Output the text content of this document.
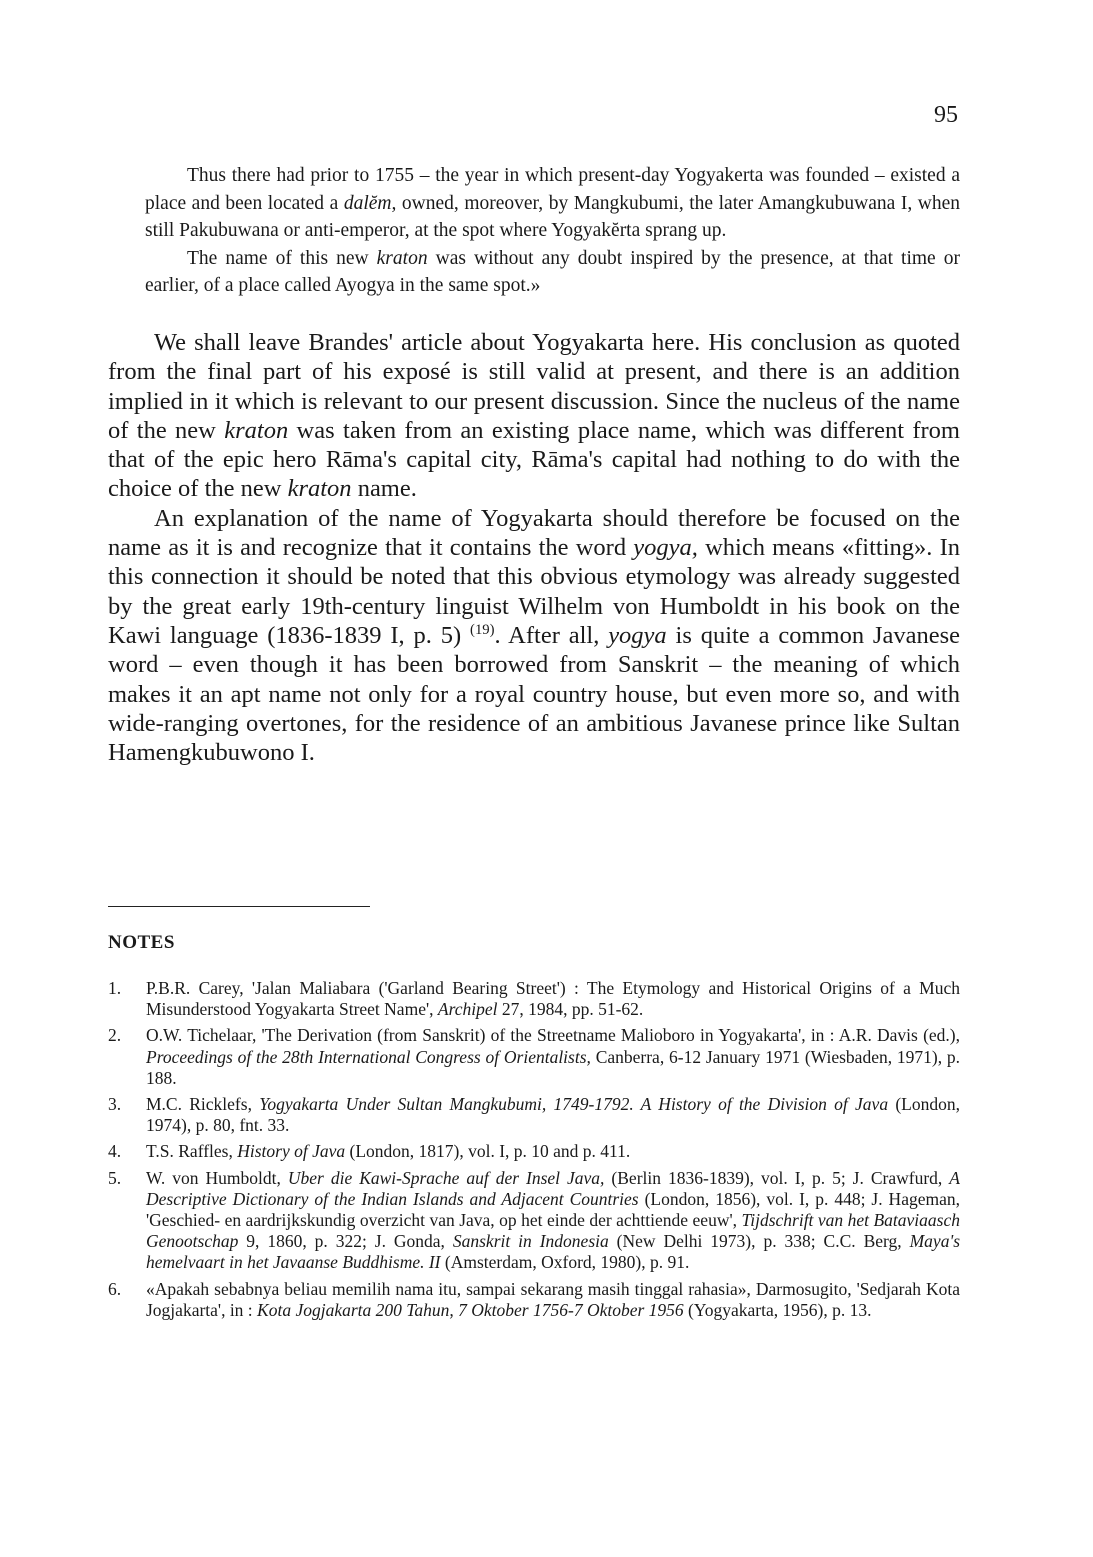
95

Thus there had prior to 1755 – the year in which present-day Yogyakerta was founded – existed a place and been located a dalĕm, owned, moreover, by Mangkubumi, the later Amangkubuwana I, when still Pakubuwana or anti-emperor, at the spot where Yogyakĕrta sprang up.

The name of this new kraton was without any doubt inspired by the presence, at that time or earlier, of a place called Ayogya in the same spot.»

We shall leave Brandes' article about Yogyakarta here. His conclusion as quoted from the final part of his exposé is still valid at present, and there is an addition implied in it which is relevant to our present discussion. Since the nucleus of the name of the new kraton was taken from an existing place name, which was different from that of the epic hero Rāma's capital city, Rāma's capital had nothing to do with the choice of the new kraton name.

An explanation of the name of Yogyakarta should therefore be focused on the name as it is and recognize that it contains the word yogya, which means «fitting». In this connection it should be noted that this obvious etymology was already suggested by the great early 19th-century linguist Wilhelm von Humboldt in his book on the Kawi language (1836-1839 I, p. 5) $^{(19)}$. After all, yogya is quite a common Javanese word – even though it has been borrowed from Sanskrit – the meaning of which makes it an apt name not only for a royal country house, but even more so, and with wide-ranging overtones, for the residence of an ambitious Javanese prince like Sultan Hamengkubuwono I.

NOTES
1.	P.B.R. Carey, 'Jalan Maliabara ('Garland Bearing Street') : The Etymology and Historical Origins of a Much Misunderstood Yogyakarta Street Name', Archipel 27, 1984, pp. 51-62.
2.	O.W. Tichelaar, 'The Derivation (from Sanskrit) of the Streetname Malioboro in Yogyakarta', in : A.R. Davis (ed.), Proceedings of the 28th International Congress of Orientalists, Canberra, 6-12 January 1971 (Wiesbaden, 1971), p. 188.
3.	M.C. Ricklefs, Yogyakarta Under Sultan Mangkubumi, 1749-1792. A History of the Division of Java (London, 1974), p. 80, fnt. 33.
4.	T.S. Raffles, History of Java (London, 1817), vol. I, p. 10 and p. 411.
5.	W. von Humboldt, Uber die Kawi-Sprache auf der Insel Java, (Berlin 1836-1839), vol. I, p. 5; J. Crawfurd, A Descriptive Dictionary of the Indian Islands and Adjacent Countries (London, 1856), vol. I, p. 448; J. Hageman, 'Geschied- en aardrijkskundig overzicht van Java, op het einde der achttiende eeuw', Tijdschrift van het Bataviaasch Genootschap 9, 1860, p. 322; J. Gonda, Sanskrit in Indonesia (New Delhi 1973), p. 338; C.C. Berg, Maya's hemelvaart in het Javaanse Buddhisme. II (Amsterdam, Oxford, 1980), p. 91.
6.	«Apakah sebabnya beliau memilih nama itu, sampai sekarang masih tinggal rahasia», Darmosugito, 'Sedjarah Kota Jogjakarta', in : Kota Jogjakarta 200 Tahun, 7 Oktober 1756-7 Oktober 1956 (Yogyakarta, 1956), p. 13.
